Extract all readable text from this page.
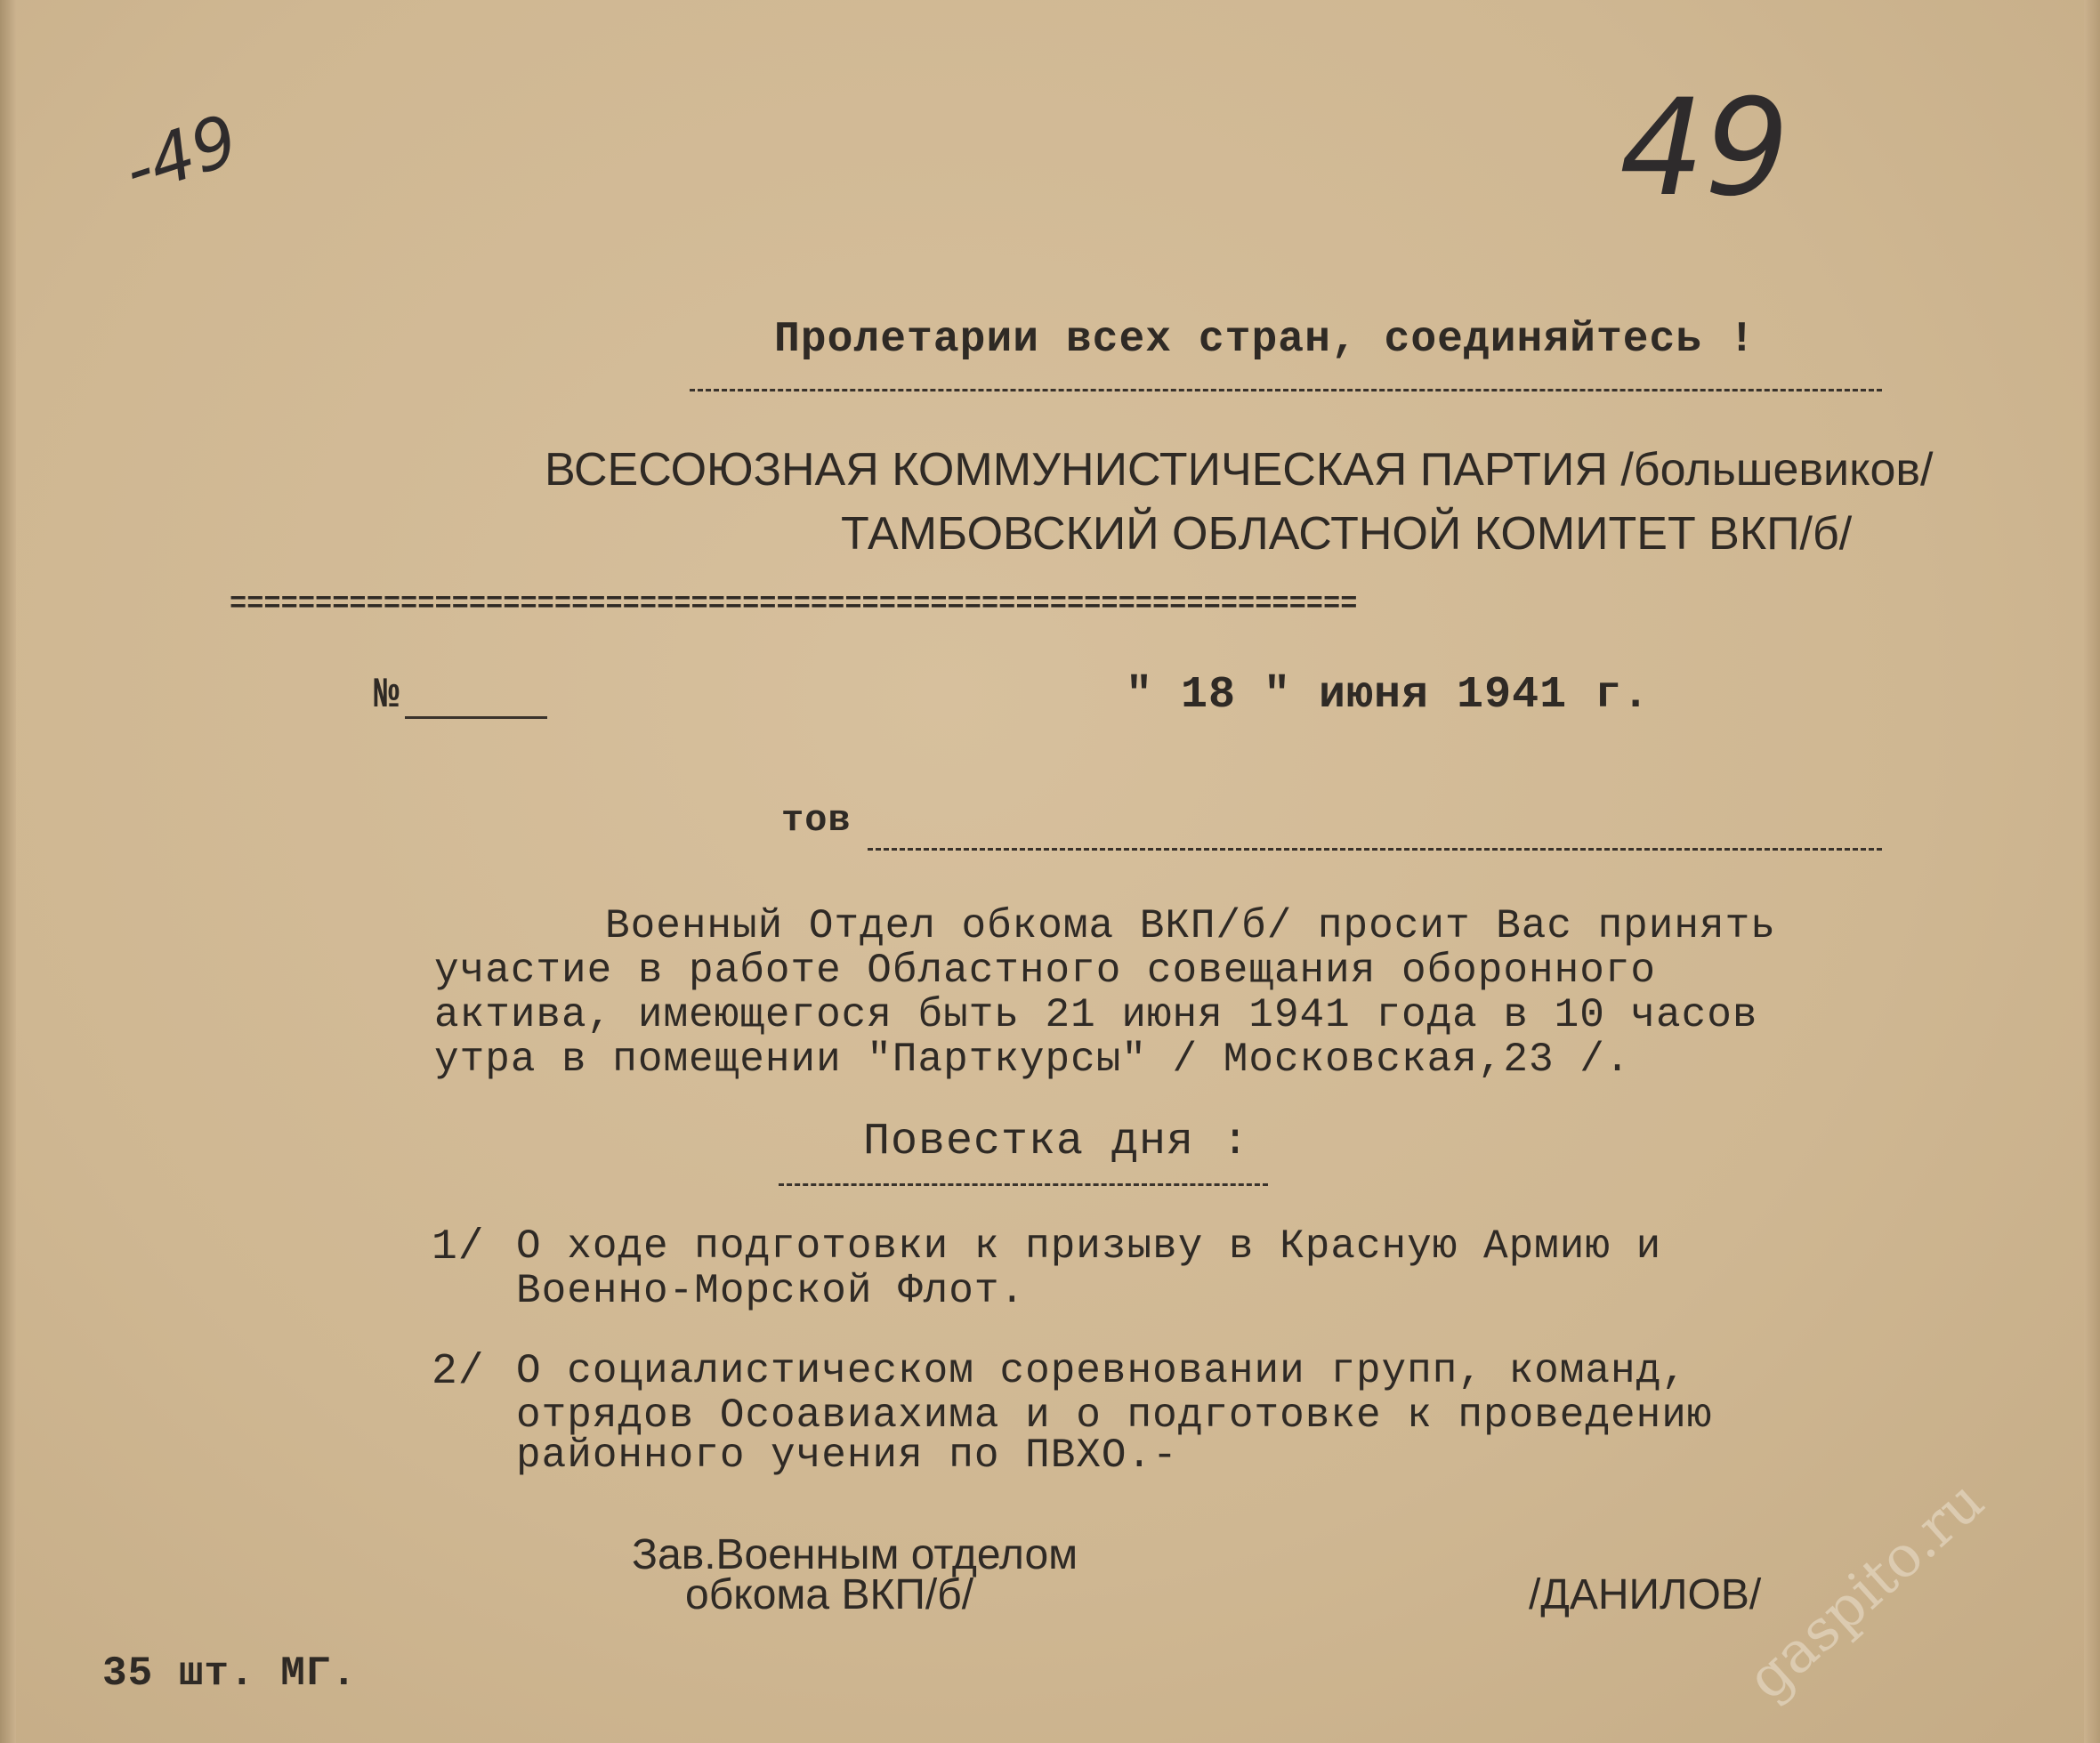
-49	49
Пролетарии всех стран, соединяйтесь !
ВСЕСОЮЗНАЯ КОММУНИСТИЧЕСКАЯ ПАРТИЯ /большевиков/
ТАМБОВСКИЙ ОБЛАСТНОЙ КОМИТЕТ ВКП/б/
==================================================================
№	" 18 " июня 1941 г.
тов
Военный Отдел обкома ВКП/б/ просит Вас принять
участие в работе Областного совещания оборонного
актива, имеющегося быть 21 июня 1941 года в 10 часов
утра в помещении "Парткурсы" / Московская,23 /.
Повестка дня :
1/ О ходе подготовки к призыву в Красную Армию и
Военно-Морской Флот.
2/ О социалистическом соревновании групп, команд,
отрядов Осоавиахима и о подготовке к проведению
районного учения по ПВХО.-
Зав.Военным отделом
обкома ВКП/б/	/ДАНИЛОВ/
35 шт. МГ.	gaspito.ru
